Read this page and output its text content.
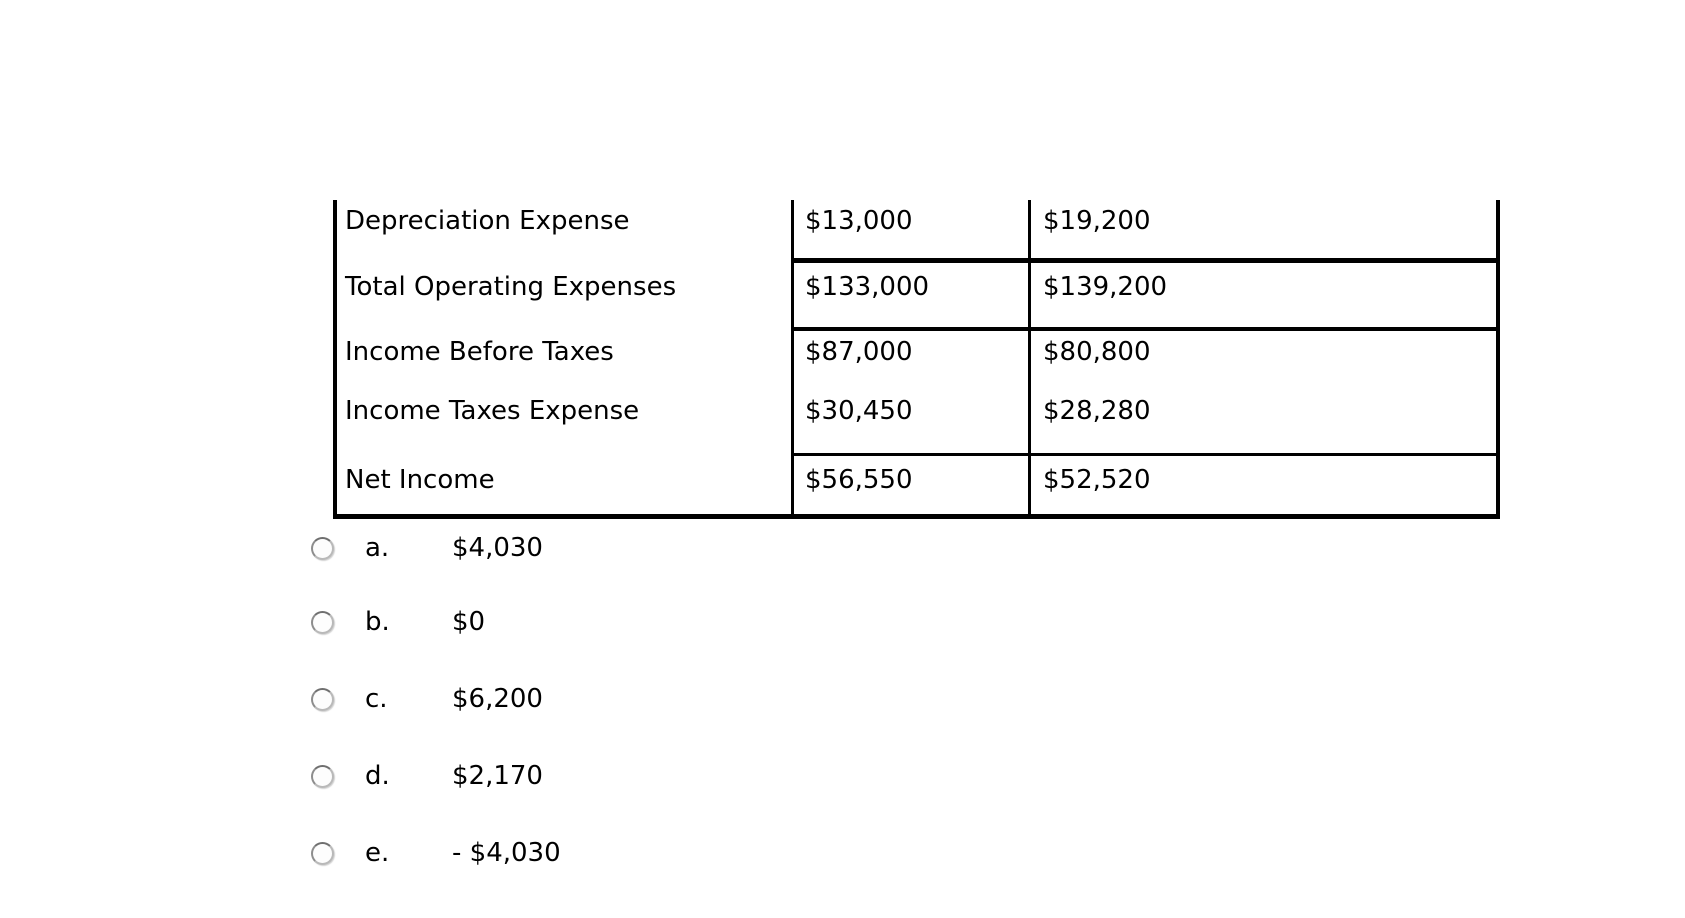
Depreciation Expense	$13,000	$19,200
Total Operating Expenses	$133,000	$139,200
Income Before Taxes	$87,000	$80,800
Income Taxes Expense	$30,450	$28,280
Net Income	$56,550	$52,520
a. $4,030
b. $0
c. $6,200
d. $2,170
e. - $4,030
